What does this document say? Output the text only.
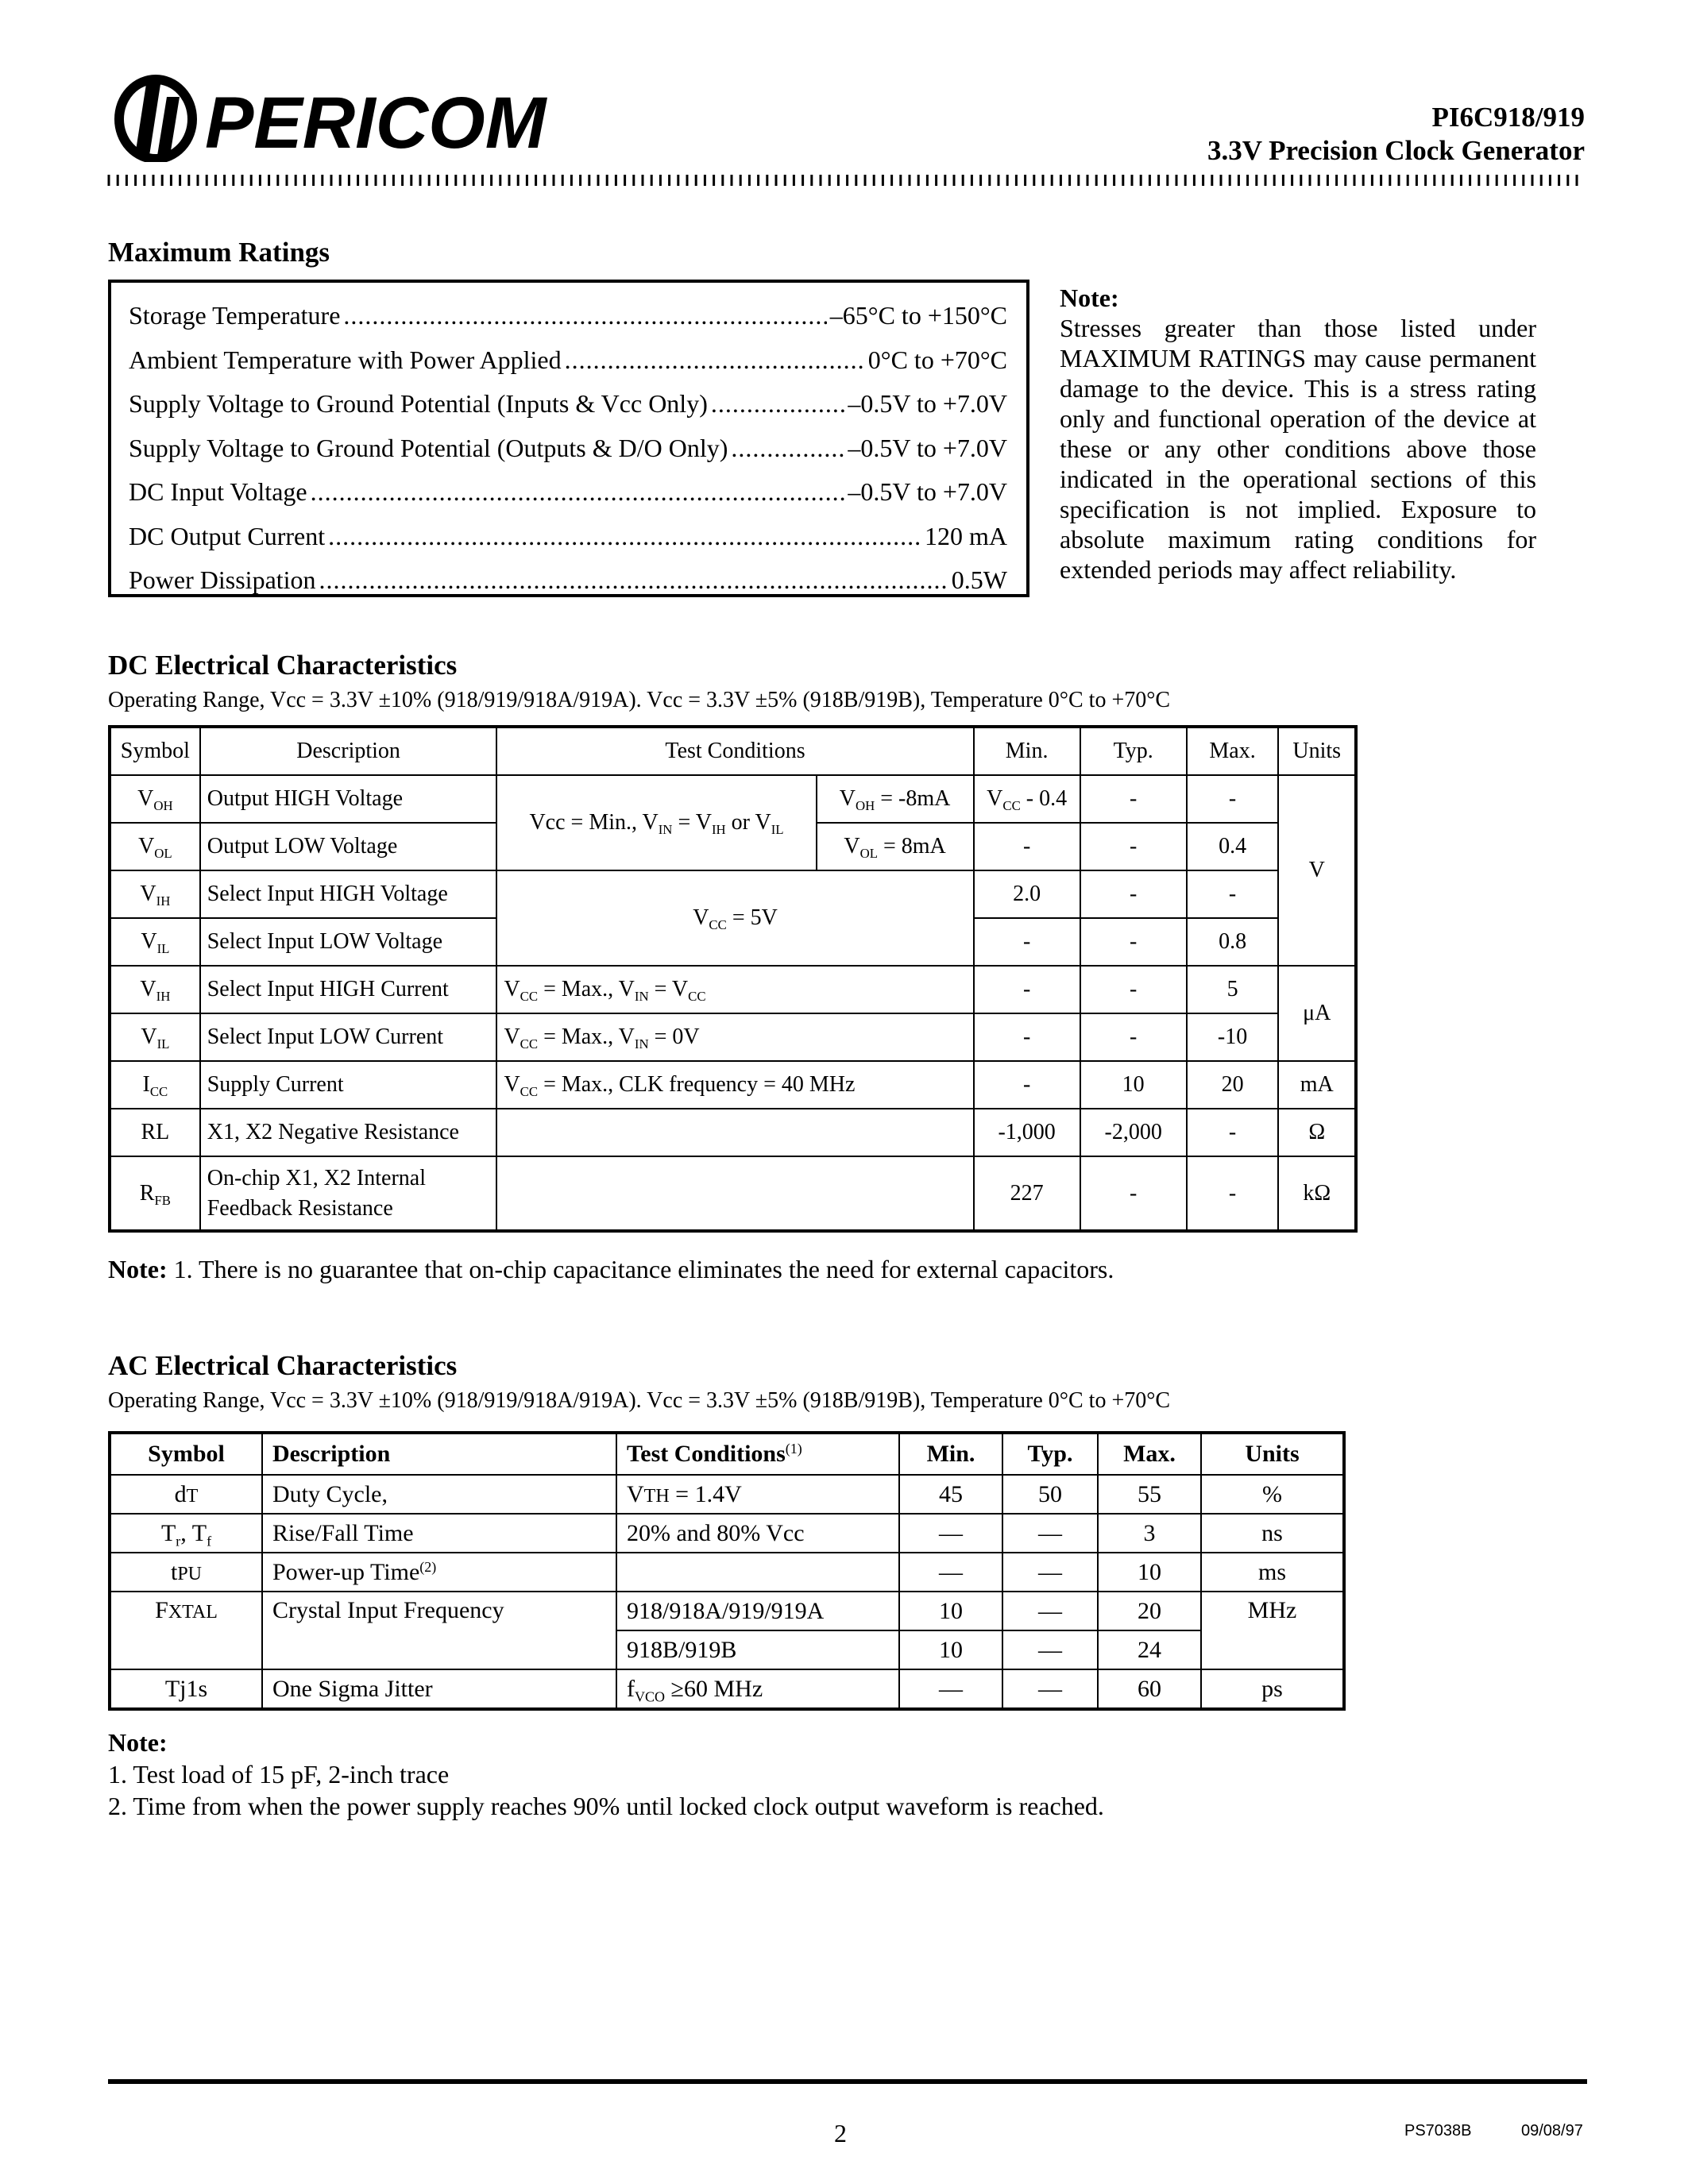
PERICOM	PI6C918/919
3.3V Precision Clock Generator
Maximum Ratings
Storage Temperature .....	–65°C to +150°C
Ambient Temperature with Power Applied .....	0°C to +70°C
Supply Voltage to Ground Potential (Inputs & Vcc Only) .....	–0.5V to +7.0V
Supply Voltage to Ground Potential (Outputs & D/O Only) .....	–0.5V to +7.0V
DC Input Voltage .....	–0.5V to +7.0V
DC Output Current .....	120 mA
Power Dissipation .....	0.5W
Note:

Stresses greater than those listed under MAXIMUM RATINGS may cause permanent damage to the device. This is a stress rating only and functional operation of the device at these or any other conditions above those indicated in the operational sections of this specification is not implied. Exposure to absolute maximum rating conditions for extended periods may affect reliability.

DC Electrical Characteristics
Operating Range, Vcc = 3.3V ±10% (918/919/918A/919A). Vcc = 3.3V ±5% (918B/919B), Temperature 0°C to +70°C
Symbol	Description	Test Conditions		Min.	Typ.	Max.	Units
$V_{OH}$	Output HIGH Voltage	Vcc = Min., $V_{IN} = V_{IH}$ or $V_{IL}$	$V_{OH} = -8mA$	$V_{CC} - 0.4$	-	-	V
$V_{OL}$	Output LOW Voltage		$V_{OL} = 8mA$	-	-	0.4	
$V_{IH}$	Select Input HIGH Voltage	$V_{CC} = 5V$		2.0	-	-	
$V_{IL}$	Select Input LOW Voltage			-	-	0.8	
$V_{IH}$	Select Input HIGH Current	$V_{CC}$ = Max., $V_{IN} = V_{CC}$		-	-	5	μA
$V_{IL}$	Select Input LOW Current	$V_{CC}$ = Max., $V_{IN} = 0V$		-	-	-10	
$I_{CC}$	Supply Current	$V_{CC}$ = Max., CLK frequency = 40 MHz		-	10	20	mA
RL	X1, X2 Negative Resistance			-1,000	-2,000	-	Ω
$R_{FB}$	On-chip X1, X2 Internal
Feedback Resistance			227	-	-	kΩ
Note: 1. There is no guarantee that on-chip capacitance eliminates the need for external capacitors.
AC Electrical Characteristics
Operating Range, Vcc = 3.3V ±10% (918/919/918A/919A). Vcc = 3.3V ±5% (918B/919B), Temperature 0°C to +70°C
Symbol	Description	Test Conditions$^{(1)}$	Min.	Typ.	Max.	Units
dT	Duty Cycle,	VTH = 1.4V	45	50	55	%
$T_r$, $T_f$	Rise/Fall Time	20% and 80% Vcc	—	—	3	ns
tPU	Power-up Time$^{(2)}$		—	—	10	ms
FXTAL	Crystal Input Frequency	918/918A/919/919A	10	—	20	MHz
		918B/919B	10	—	24	
Tj1s	One Sigma Jitter	$f_{VCO} \ge 60$ MHz	—	—	60	ps
Note:
1. Test load of 15 pF, 2-inch trace
2. Time from when the power supply reaches 90% until locked clock output waveform is reached.
2	PS7038B	09/08/97
